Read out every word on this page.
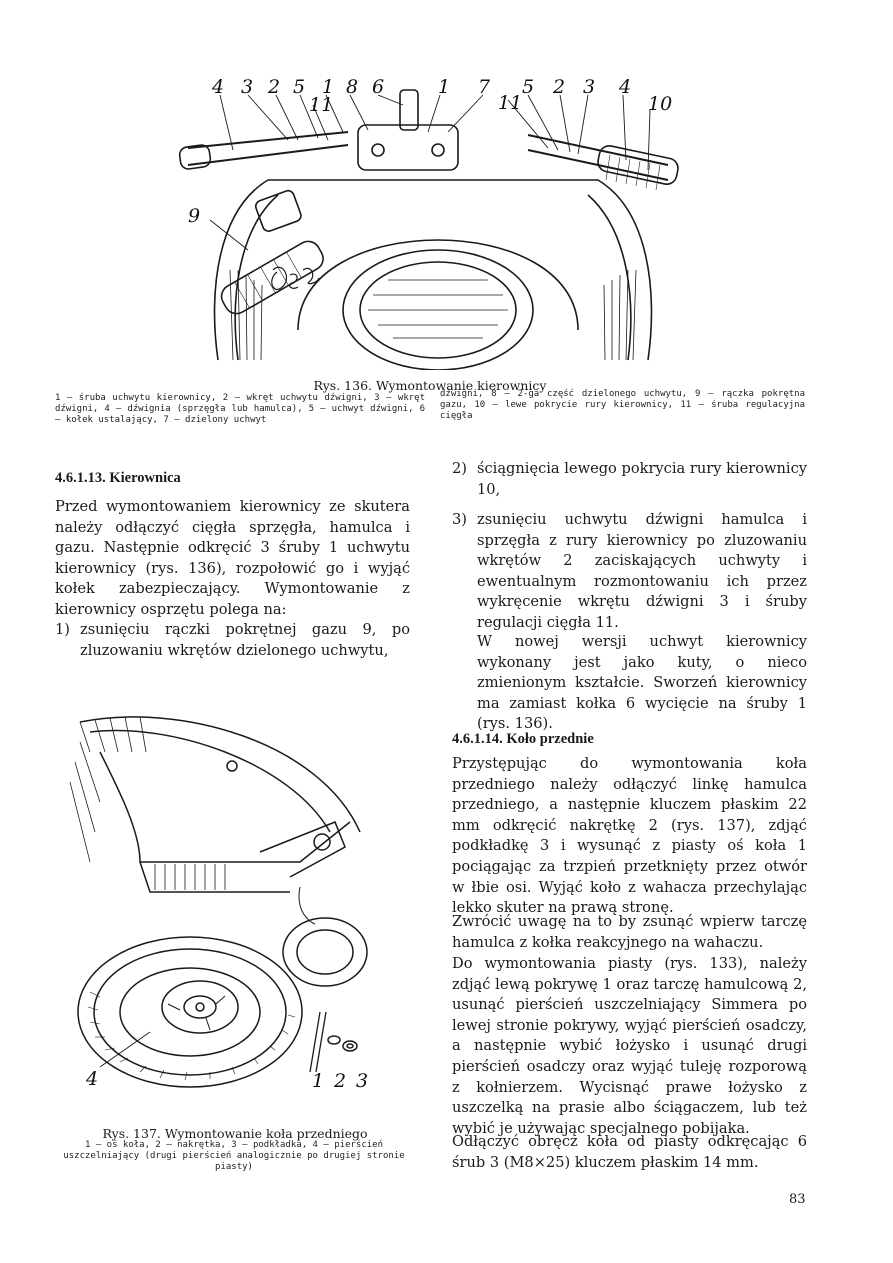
4 3 2 5 1 8 6	1 7 5 2 3 4
10
11	11
9
Rys. 136. Wymontowanie kierownicy
1 — śruba uchwytu kierownicy, 2 — wkręt uchwytu dźwigni, 3 — wkręt dźwigni, 4 — dźwignia (sprzęgła lub hamulca), 5 — uchwyt dźwigni, 6 — kołek ustalający, 7 — dzielony uchwyt
dźwigni, 8 — 2-ga część dzielonego uchwytu, 9 — rączka pokrętna gazu, 10 — lewe pokrycie rury kierownicy, 11 — śruba regulacyjna cięgła
4.6.1.13. Kierownica

Przed wymontowaniem kierownicy ze skutera należy odłączyć cięgła sprzęgła, hamulca i gazu. Następnie odkręcić 3 śruby 1 uchwytu kierownicy (rys. 136), rozpołowić go i wyjąć kołek zabezpieczający. Wymontowanie z kierownicy osprzętu polega na:

1) zsunięciu rączki pokrętnej gazu 9, po zluzowaniu wkrętów dzielonego uchwytu,
2) ściągnięcia lewego pokrycia rury kierownicy 10,
3) zsunięciu uchwytu dźwigni hamulca i sprzęgła z rury kierownicy po zluzowaniu wkrętów 2 zaciskających uchwyty i ewentualnym rozmontowaniu ich przez wykręcenie wkrętu dźwigni 3 i śruby regulacji cięgła 11.

W nowej wersji uchwyt kierownicy wykonany jest jako kuty, o nieco zmienionym kształcie. Sworzeń kierownicy ma zamiast kołka 6 wycięcie na śruby 1 (rys. 136).

4.6.1.14. Koło przednie

Przystępując do wymontowania koła przedniego należy odłączyć linkę hamulca przedniego, a następnie kluczem płaskim 22 mm odkręcić nakrętkę 2 (rys. 137), zdjąć podkładkę 3 i wysunąć z piasty oś koła 1 pociągając za trzpień przetknięty przez otwór w łbie osi. Wyjąć koło z wahacza przechylając lekko skuter na prawą stronę.

Zwrócić uwagę na to by zsunąć wpierw tarczę hamulca z kołka reakcyjnego na wahaczu.

Do wymontowania piasty (rys. 133), należy zdjąć lewą pokrywę 1 oraz tarczę hamulcową 2, usunąć pierścień uszczelniający Simmera po lewej stronie pokrywy, wyjąć pierścień osadczy, a następnie wybić łożysko i usunąć drugi pierścień osadczy oraz wyjąć tuleję rozporową z kołnierzem. Wycisnąć prawe łożysko z uszczelką na prasie albo ściągaczem, lub też wybić je używając specjalnego pobijaka.

Odłączyć obręcz koła od piasty odkręcając 6 śrub 3 (M8×25) kluczem płaskim 14 mm.

4	1 2 3
Rys. 137. Wymontowanie koła przedniego
1 — oś koła, 2 — nakrętka, 3 — podkładka, 4 — pierścień uszczelniający (drugi pierścień analogicznie po drugiej stronie piasty)
83
